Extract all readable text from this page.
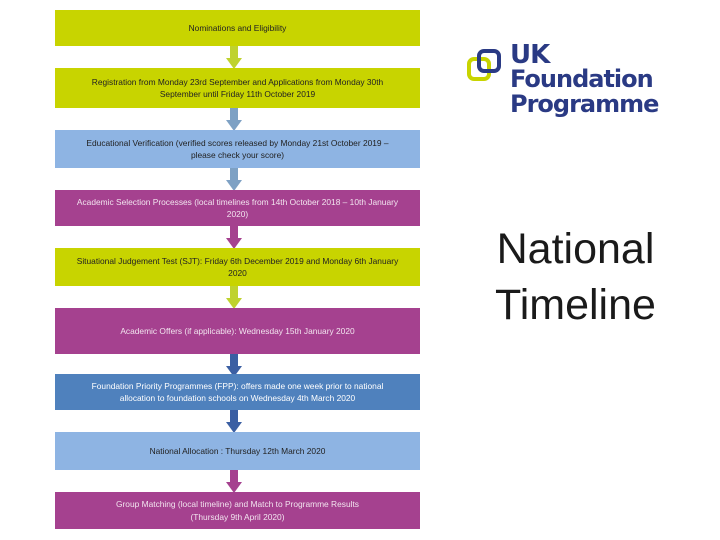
Nominations and Eligibility
Registration from Monday 23rd September and Applications from Monday 30th
September until Friday 11th October 2019
Educational Verification (verified scores released by Monday 21st October 2019 –
please check your score)
Academic Selection Processes (local timelines from 14th October 2018 – 10th January
2020)
Situational Judgement Test (SJT): Friday 6th December 2019 and Monday 6th January
2020
Academic Offers (if applicable): Wednesday 15th January 2020
Foundation Priority Programmes (FPP): offers made one week prior to national
allocation to foundation schools on Wednesday 4th March 2020
National Allocation : Thursday 12th March 2020
Group Matching (local timeline) and Match to Programme Results
(Thursday 9th April 2020)
UK
Foundation
Programme
National
Timeline
